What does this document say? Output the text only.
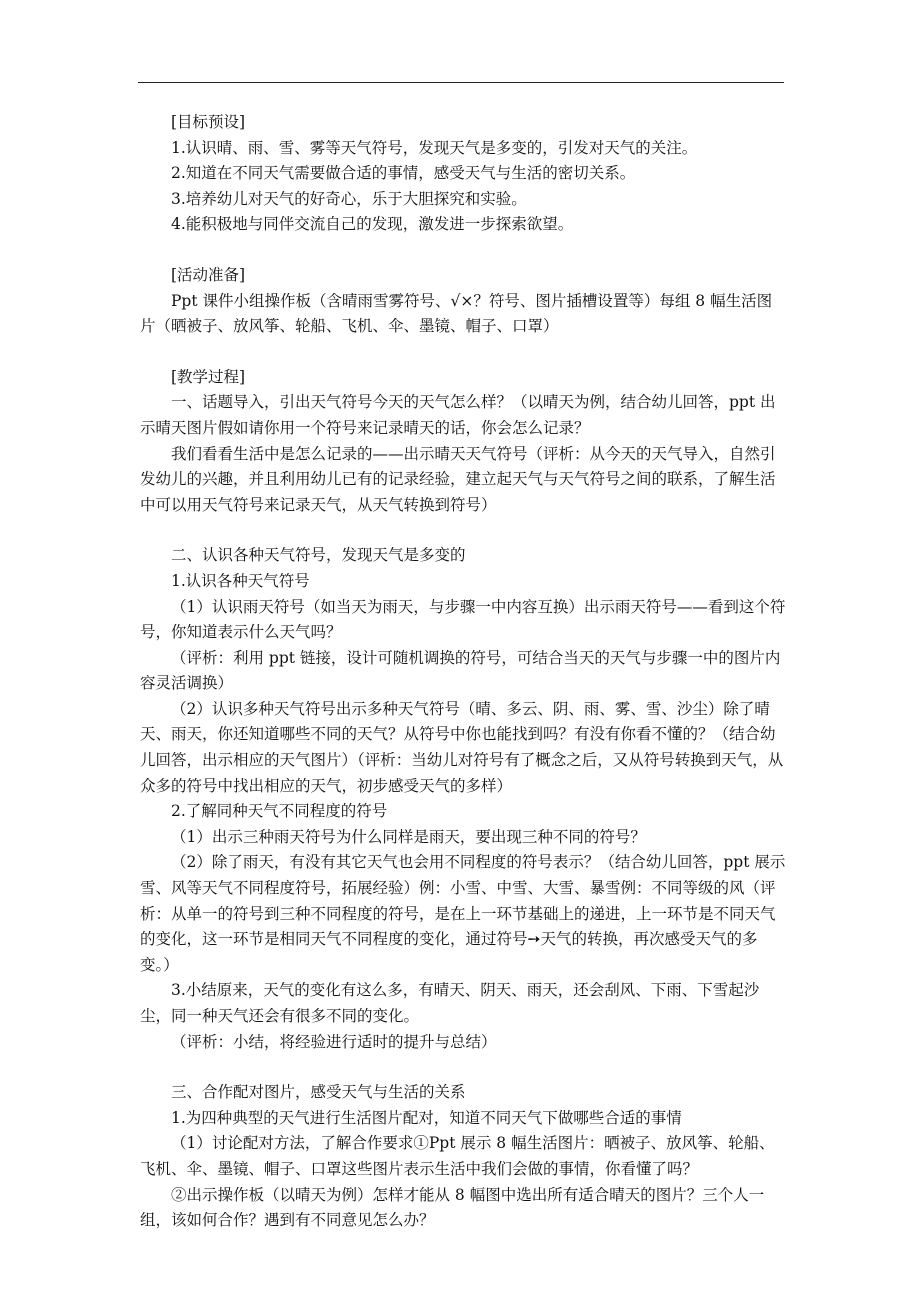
[目标预设]

1.认识晴、雨、雪、雾等天气符号，发现天气是多变的，引发对天气的关注。

2.知道在不同天气需要做合适的事情，感受天气与生活的密切关系。

3.培养幼儿对天气的好奇心，乐于大胆探究和实验。

4.能积极地与同伴交流自己的发现，激发进一步探索欲望。

[活动准备]

Ppt 课件小组操作板（含晴雨雪雾符号、√×？符号、图片插槽设置等）每组 8 幅生活图片（晒被子、放风筝、轮船、飞机、伞、墨镜、帽子、口罩）

[教学过程]

一、话题导入，引出天气符号今天的天气怎么样？（以晴天为例，结合幼儿回答，ppt 出示晴天图片假如请你用一个符号来记录晴天的话，你会怎么记录？

我们看看生活中是怎么记录的——出示晴天天气符号（评析：从今天的天气导入，自然引发幼儿的兴趣，并且利用幼儿已有的记录经验，建立起天气与天气符号之间的联系，了解生活中可以用天气符号来记录天气，从天气转换到符号）

二、认识各种天气符号，发现天气是多变的

1.认识各种天气符号

（1）认识雨天符号（如当天为雨天，与步骤一中内容互换）出示雨天符号——看到这个符号，你知道表示什么天气吗？

（评析：利用 ppt 链接，设计可随机调换的符号，可结合当天的天气与步骤一中的图片内容灵活调换）

（2）认识多种天气符号出示多种天气符号（晴、多云、阴、雨、雾、雪、沙尘）除了晴天、雨天，你还知道哪些不同的天气？从符号中你也能找到吗？有没有你看不懂的？（结合幼儿回答，出示相应的天气图片）（评析：当幼儿对符号有了概念之后，又从符号转换到天气，从众多的符号中找出相应的天气，初步感受天气的多样）

2.了解同种天气不同程度的符号

（1）出示三种雨天符号为什么同样是雨天，要出现三种不同的符号？

（2）除了雨天，有没有其它天气也会用不同程度的符号表示？（结合幼儿回答，ppt 展示雪、风等天气不同程度符号，拓展经验）例：小雪、中雪、大雪、暴雪例：不同等级的风（评析：从单一的符号到三种不同程度的符号，是在上一环节基础上的递进，上一环节是不同天气的变化，这一环节是相同天气不同程度的变化，通过符号➙天气的转换，再次感受天气的多变。）

3.小结原来，天气的变化有这么多，有晴天、阴天、雨天，还会刮风、下雨、下雪起沙尘，同一种天气还会有很多不同的变化。

（评析：小结，将经验进行适时的提升与总结）

三、合作配对图片，感受天气与生活的关系

1.为四种典型的天气进行生活图片配对，知道不同天气下做哪些合适的事情

（1）讨论配对方法，了解合作要求①Ppt 展示 8 幅生活图片：晒被子、放风筝、轮船、飞机、伞、墨镜、帽子、口罩这些图片表示生活中我们会做的事情，你看懂了吗？

②出示操作板（以晴天为例）怎样才能从 8 幅图中选出所有适合晴天的图片？三个人一组，该如何合作？遇到有不同意见怎么办？
